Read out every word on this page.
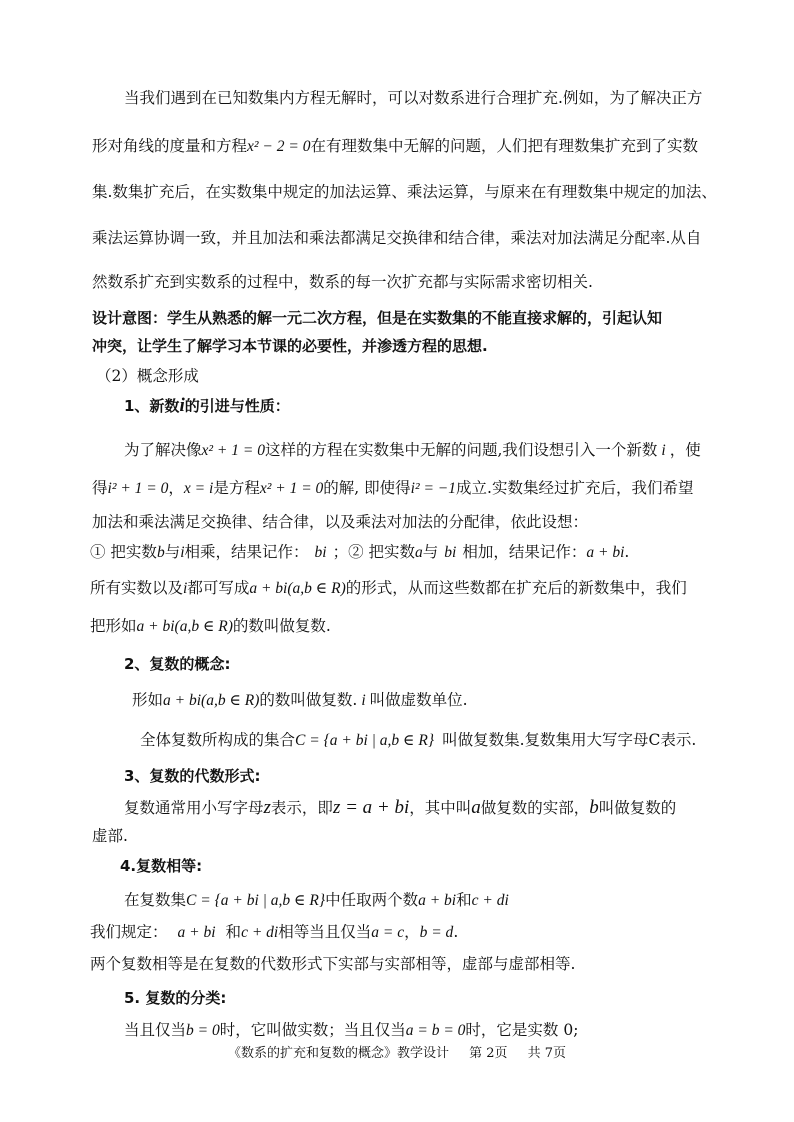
当我们遇到在已知数集内方程无解时，可以对数系进行合理扩充.例如，为了解决正方
形对角线的度量和方程x² − 2 = 0在有理数集中无解的问题，人们把有理数集扩充到了实数
集.数集扩充后，在实数集中规定的加法运算、乘法运算，与原来在有理数集中规定的加法、
乘法运算协调一致，并且加法和乘法都满足交换律和结合律，乘法对加法满足分配率.从自
然数系扩充到实数系的过程中，数系的每一次扩充都与实际需求密切相关.
设计意图：学生从熟悉的解一元二次方程，但是在实数集的不能直接求解的，引起认知
冲突，让学生了解学习本节课的必要性，并渗透方程的思想.
（2）概念形成
1、新数i的引进与性质：
为了解决像x² + 1 = 0这样的方程在实数集中无解的问题,我们设想引入一个新数 i ，使
得i² + 1 = 0，x = i是方程x² + 1 = 0的解, 即使得i² = −1成立.实数集经过扩充后，我们希望
加法和乘法满足交换律、结合律，以及乘法对加法的分配律，依此设想：
① 把实数b与i相乘，结果记作： bi ；② 把实数a与 bi 相加，结果记作：a + bi.
所有实数以及i都可写成a + bi(a,b ∈ R)的形式，从而这些数都在扩充后的新数集中，我们
把形如a + bi(a,b ∈ R)的数叫做复数.
2、复数的概念:
形如a + bi(a,b ∈ R)的数叫做复数. i 叫做虚数单位.
全体复数所构成的集合C = {a + bi | a,b ∈ R} 叫做复数集.复数集用大写字母C表示.
3、复数的代数形式:
复数通常用小写字母z表示，即z = a + bi，其中叫a做复数的实部，b叫做复数的
虚部.
4.复数相等:
在复数集C = {a + bi | a,b ∈ R}中任取两个数a + bi和c + di
我们规定： a + bi 和c + di相等当且仅当a = c，b = d.
两个复数相等是在复数的代数形式下实部与实部相等，虚部与虚部相等.
5. 复数的分类:
当且仅当b = 0时，它叫做实数；当且仅当a = b = 0时，它是实数 0;
《数系的扩充和复数的概念》教学设计 第 2页 共 7页
